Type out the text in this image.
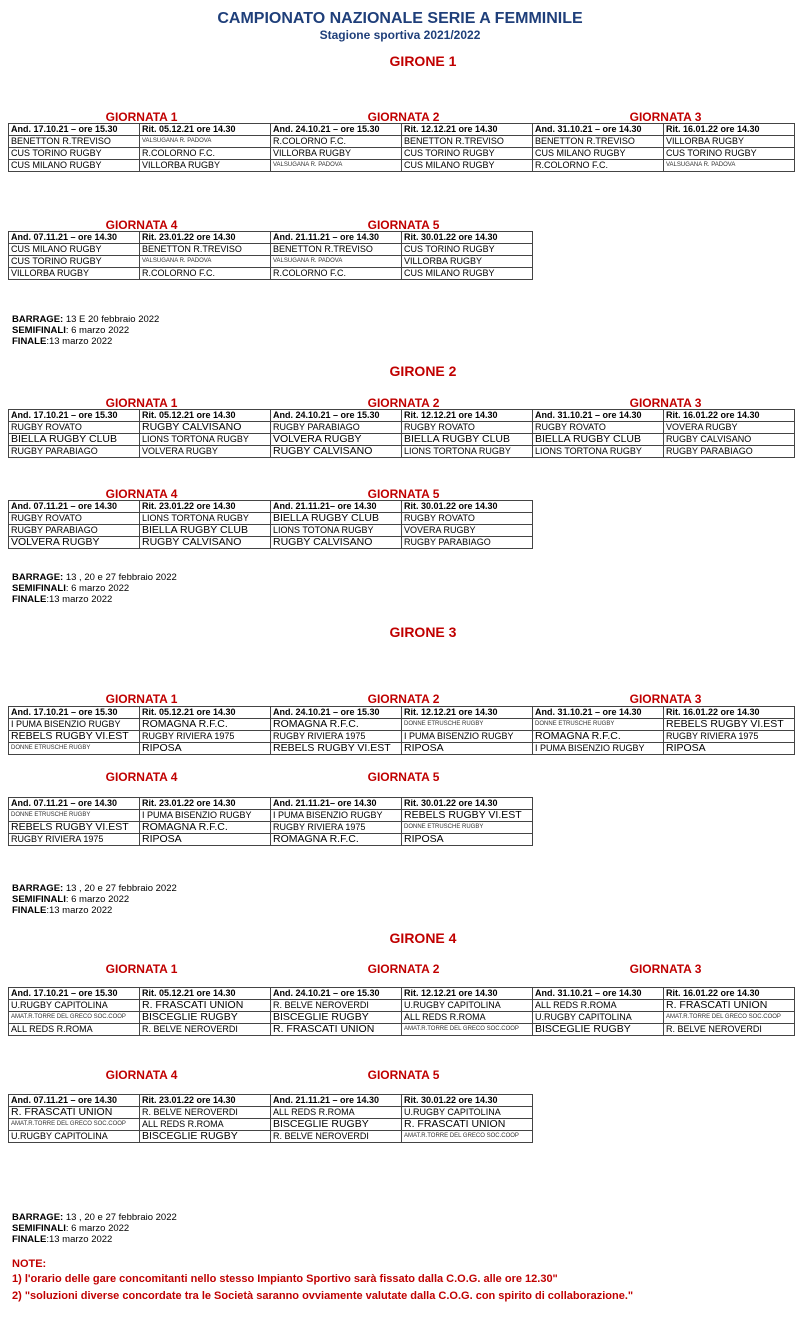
CAMPIONATO NAZIONALE SERIE A FEMMINILE
Stagione sportiva 2021/2022
GIRONE 1
GIORNATA 1	GIORNATA 2	GIORNATA 3
GIORNATA 4	GIORNATA 5
And. 17.10.21 – ore 15.30	Rit. 05.12.21 ore 14.30	And. 24.10.21 – ore 15.30	Rit. 12.12.21 ore 14.30	And. 31.10.21 – ore 14.30	Rit. 16.01.22 ore 14.30
BENETTON R.TREVISO	VALSUGANA R. PADOVA	R.COLORNO F.C.	BENETTON R.TREVISO	BENETTON R.TREVISO	VILLORBA RUGBY
CUS TORINO RUGBY	R.COLORNO F.C.	VILLORBA RUGBY	CUS TORINO RUGBY	CUS MILANO RUGBY	CUS TORINO RUGBY
CUS MILANO RUGBY	VILLORBA RUGBY	VALSUGANA R. PADOVA	CUS MILANO RUGBY	R.COLORNO F.C.	VALSUGANA R. PADOVA
And. 07.11.21 – ore 14.30	Rit. 23.01.22 ore 14.30	And. 21.11.21 – ore 14.30	Rit. 30.01.22 ore 14.30
CUS MILANO RUGBY	BENETTON R.TREVISO	BENETTON R.TREVISO	CUS TORINO RUGBY
CUS TORINO RUGBY	VALSUGANA R. PADOVA	VALSUGANA R. PADOVA	VILLORBA RUGBY
VILLORBA RUGBY	R.COLORNO F.C.	R.COLORNO F.C.	CUS MILANO RUGBY
BARRAGE: 13 E 20 febbraio 2022
SEMIFINALI: 6 marzo 2022
FINALE:13 marzo 2022
GIRONE 2
GIORNATA 1	GIORNATA 2	GIORNATA 3
GIORNATA 4	GIORNATA 5
And. 17.10.21 – ore 15.30	Rit. 05.12.21 ore 14.30	And. 24.10.21 – ore 15.30	Rit. 12.12.21 ore 14.30	And. 31.10.21 – ore 14.30	Rit. 16.01.22 ore 14.30
RUGBY ROVATO	RUGBY CALVISANO	RUGBY PARABIAGO	RUGBY ROVATO	RUGBY ROVATO	VOVERA RUGBY
BIELLA RUGBY CLUB	LIONS TORTONA RUGBY	VOLVERA RUGBY	BIELLA RUGBY CLUB	BIELLA RUGBY CLUB	RUGBY CALVISANO
RUGBY PARABIAGO	VOLVERA RUGBY	RUGBY CALVISANO	LIONS TORTONA RUGBY	LIONS TORTONA RUGBY	RUGBY PARABIAGO
And. 07.11.21 – ore 14.30	Rit. 23.01.22 ore 14.30	And. 21.11.21– ore 14.30	Rit. 30.01.22 ore 14.30
RUGBY ROVATO	LIONS TORTONA RUGBY	BIELLA RUGBY CLUB	RUGBY ROVATO
RUGBY PARABIAGO	BIELLA RUGBY CLUB	LIONS TOTONA RUGBY	VOVERA RUGBY
VOLVERA RUGBY	RUGBY CALVISANO	RUGBY CALVISANO	RUGBY PARABIAGO
BARRAGE: 13 , 20 e 27 febbraio 2022
SEMIFINALI: 6 marzo 2022
FINALE:13 marzo 2022
GIRONE 3
GIORNATA 1	GIORNATA 2	GIORNATA 3
GIORNATA 4	GIORNATA 5
And. 17.10.21 – ore 15.30	Rit. 05.12.21 ore 14.30	And. 24.10.21 – ore 15.30	Rit. 12.12.21 ore 14.30	And. 31.10.21 – ore 14.30	Rit. 16.01.22 ore 14.30
I PUMA BISENZIO RUGBY	ROMAGNA R.F.C.	ROMAGNA R.F.C.	DONNE ETRUSCHE RUGBY	DONNE ETRUSCHE RUGBY	REBELS RUGBY VI.EST
REBELS RUGBY VI.EST	RUGBY RIVIERA 1975	RUGBY RIVIERA 1975	I PUMA BISENZIO RUGBY	ROMAGNA R.F.C.	RUGBY RIVIERA 1975
DONNE ETRUSCHE RUGBY	RIPOSA	REBELS RUGBY VI.EST	RIPOSA	I PUMA BISENZIO RUGBY	RIPOSA
And. 07.11.21 – ore 14.30	Rit. 23.01.22 ore 14.30	And. 21.11.21– ore 14.30	Rit. 30.01.22 ore 14.30
DONNE ETRUSCHE RUGBY	I PUMA BISENZIO RUGBY	I PUMA BISENZIO RUGBY	REBELS RUGBY VI.EST
REBELS RUGBY VI.EST	ROMAGNA R.F.C.	RUGBY RIVIERA 1975	DONNE ETRUSCHE RUGBY
RUGBY RIVIERA 1975	RIPOSA	ROMAGNA R.F.C.	RIPOSA
BARRAGE: 13 , 20 e 27 febbraio 2022
SEMIFINALI: 6 marzo 2022
FINALE:13 marzo 2022
GIRONE 4
GIORNATA 1	GIORNATA 2	GIORNATA 3
GIORNATA 4	GIORNATA 5
And. 17.10.21 – ore 15.30	Rit. 05.12.21 ore 14.30	And. 24.10.21 – ore 15.30	Rit. 12.12.21 ore 14.30	And. 31.10.21 – ore 14.30	Rit. 16.01.22 ore 14.30
U.RUGBY CAPITOLINA	R. FRASCATI UNION	R. BELVE NEROVERDI	U.RUGBY CAPITOLINA	ALL REDS R.ROMA	R. FRASCATI UNION
AMAT.R.TORRE DEL GRECO SOC.COOP	BISCEGLIE RUGBY	BISCEGLIE RUGBY	ALL REDS R.ROMA	U.RUGBY CAPITOLINA	AMAT.R.TORRE DEL GRECO SOC.COOP
ALL REDS R.ROMA	R. BELVE NEROVERDI	R. FRASCATI UNION	AMAT.R.TORRE DEL GRECO SOC.COOP	BISCEGLIE RUGBY	R. BELVE NEROVERDI
And. 07.11.21 – ore 14.30	Rit. 23.01.22 ore 14.30	And. 21.11.21 – ore 14.30	Rit. 30.01.22 ore 14.30
R. FRASCATI UNION	R. BELVE NEROVERDI	ALL REDS R.ROMA	U.RUGBY CAPITOLINA
AMAT.R.TORRE DEL GRECO SOC.COOP	ALL REDS R.ROMA	BISCEGLIE RUGBY	R. FRASCATI UNION
U.RUGBY CAPITOLINA	BISCEGLIE RUGBY	R. BELVE NEROVERDI	AMAT.R.TORRE DEL GRECO SOC.COOP
BARRAGE: 13 , 20 e 27 febbraio 2022
SEMIFINALI: 6 marzo 2022
FINALE:13 marzo 2022
NOTE:
1) l'orario delle gare concomitanti nello stesso Impianto Sportivo sarà fissato dalla C.O.G. alle ore 12.30"
2) "soluzioni diverse concordate tra le Società saranno ovviamente valutate dalla C.O.G. con spirito di collaborazione."
